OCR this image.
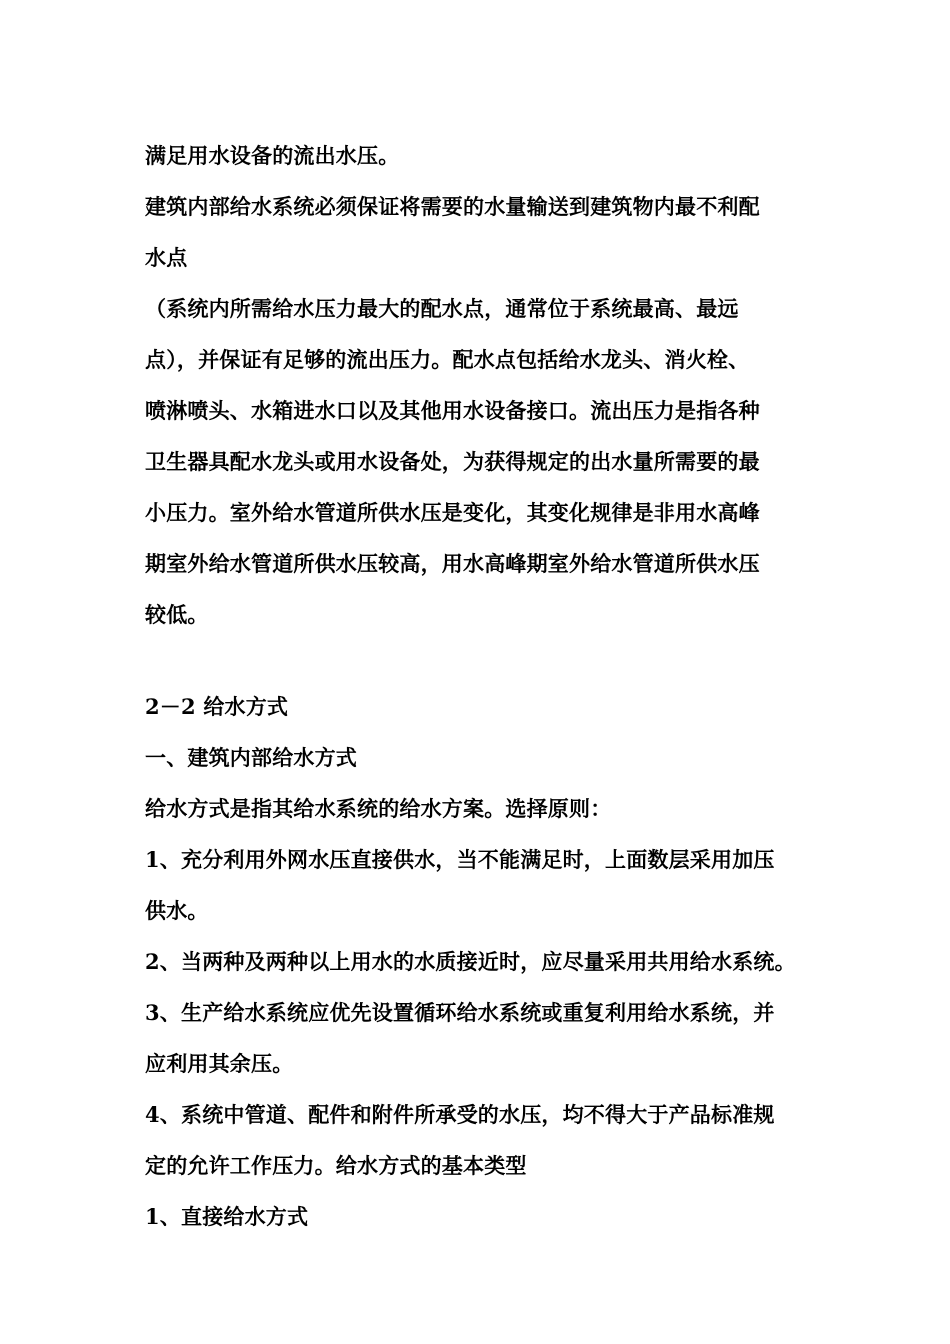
满足用水设备的流出水压。
建筑内部给水系统必须保证将需要的水量输送到建筑物内最不利配
水点
（系统内所需给水压力最大的配水点，通常位于系统最高、最远
点），并保证有足够的流出压力。配水点包括给水龙头、消火栓、
喷淋喷头、水箱进水口以及其他用水设备接口。流出压力是指各种
卫生器具配水龙头或用水设备处，为获得规定的出水量所需要的最
小压力。室外给水管道所供水压是变化，其变化规律是非用水高峰
期室外给水管道所供水压较高，用水高峰期室外给水管道所供水压
较低。
2－2 给水方式
一、建筑内部给水方式
给水方式是指其给水系统的给水方案。选择原则：
1、充分利用外网水压直接供水，当不能满足时，上面数层采用加压
供水。
2、当两种及两种以上用水的水质接近时，应尽量采用共用给水系统。
3、生产给水系统应优先设置循环给水系统或重复利用给水系统，并
应利用其余压。
4、系统中管道、配件和附件所承受的水压，均不得大于产品标准规
定的允许工作压力。给水方式的基本类型
1、直接给水方式
